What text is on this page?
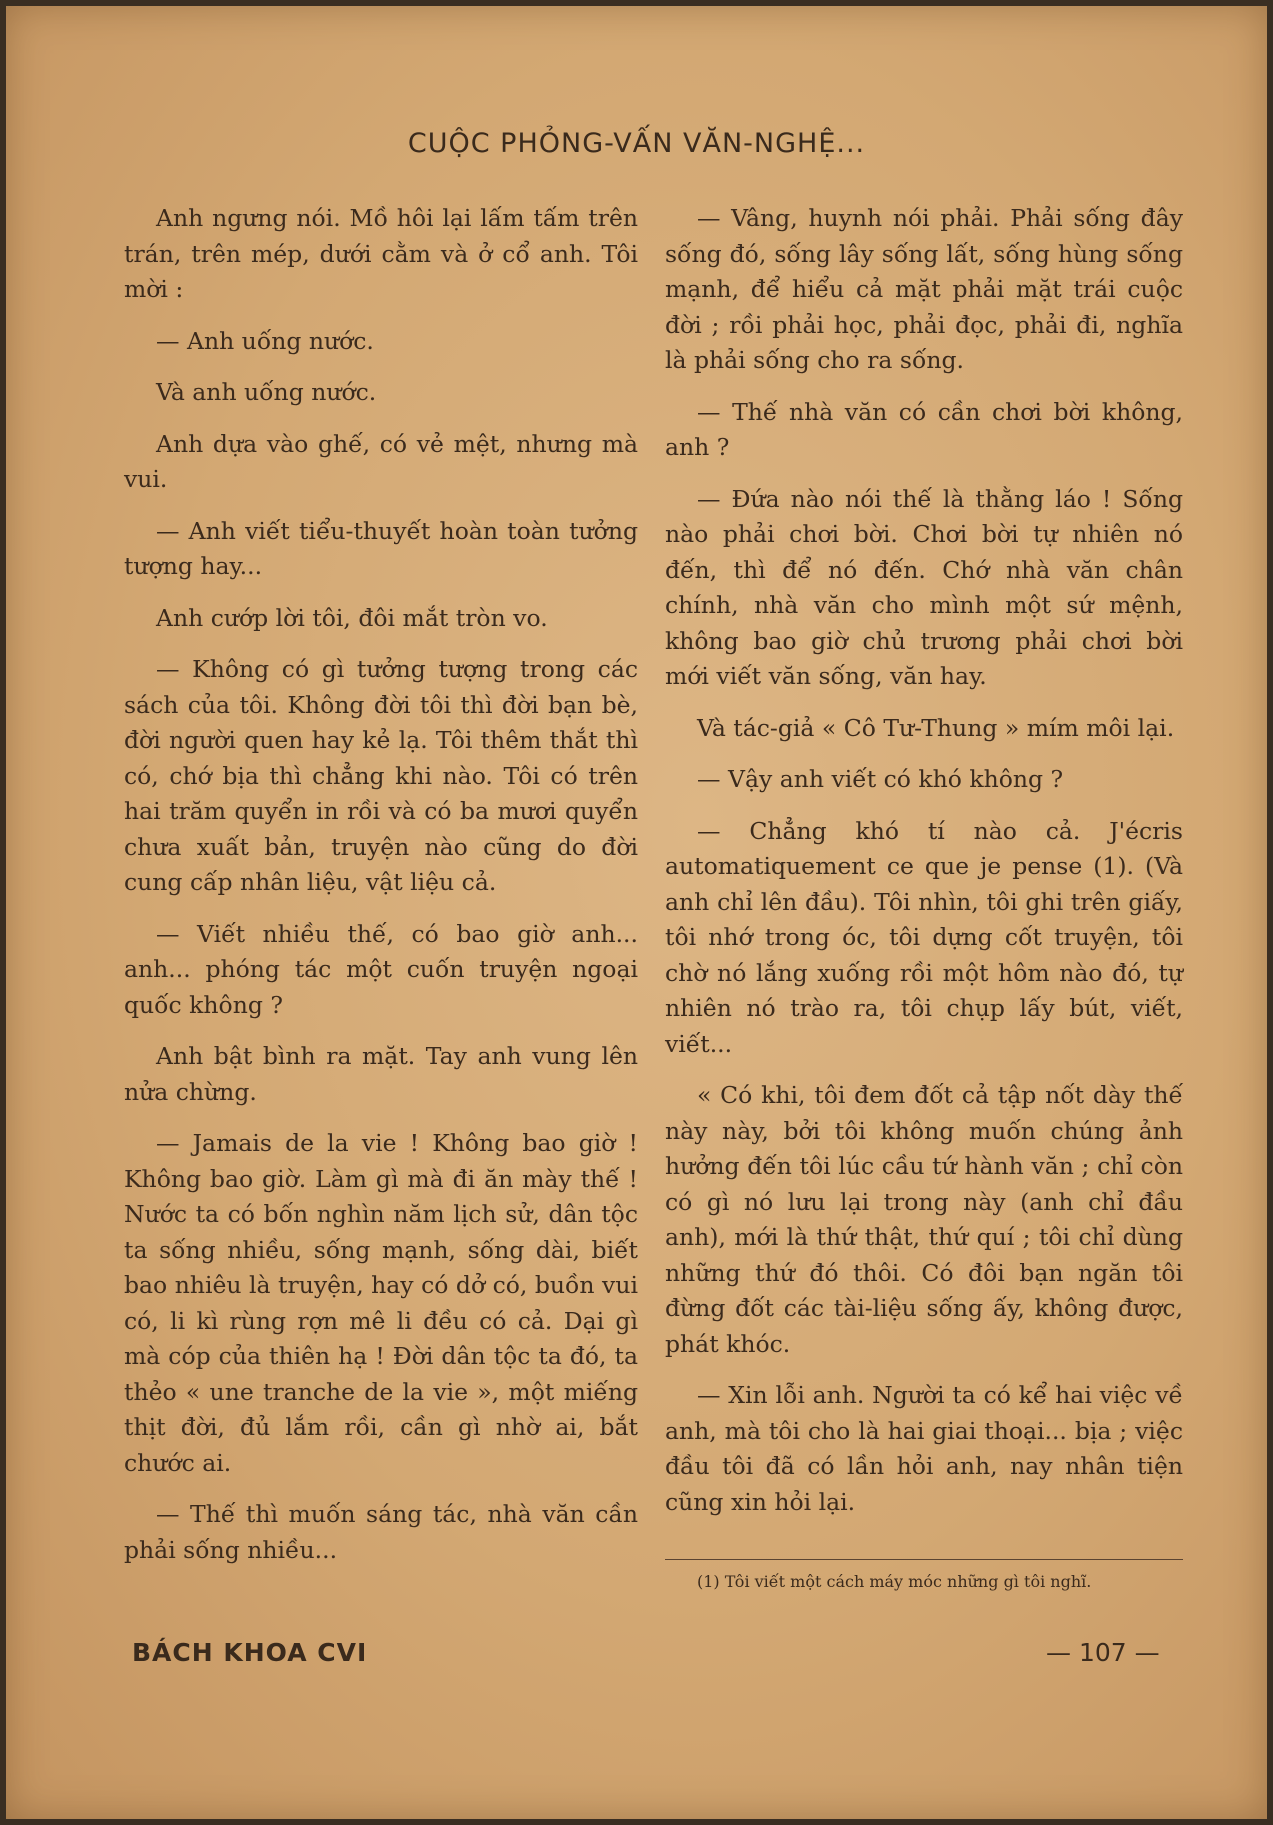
CUỘC PHỎNG-VẤN VĂN-NGHỆ...

Anh ngưng nói. Mồ hôi lại lấm tấm trên trán, trên mép, dưới cằm và ở cổ anh. Tôi mời :

— Anh uống nước.

Và anh uống nước.

Anh dựa vào ghế, có vẻ mệt, nhưng mà vui.

— Anh viết tiểu-thuyết hoàn toàn tưởng tượng hay...

Anh cướp lời tôi, đôi mắt tròn vo.

— Không có gì tưởng tượng trong các sách của tôi. Không đời tôi thì đời bạn bè, đời người quen hay kẻ lạ. Tôi thêm thắt thì có, chớ bịa thì chẳng khi nào. Tôi có trên hai trăm quyển in rồi và có ba mươi quyển chưa xuất bản, truyện nào cũng do đời cung cấp nhân liệu, vật liệu cả.

— Viết nhiều thế, có bao giờ anh... anh... phóng tác một cuốn truyện ngoại quốc không ?

Anh bật bình ra mặt. Tay anh vung lên nửa chừng.

— Jamais de la vie ! Không bao giờ ! Không bao giờ. Làm gì mà đi ăn mày thế ! Nước ta có bốn nghìn năm lịch sử, dân tộc ta sống nhiều, sống mạnh, sống dài, biết bao nhiêu là truyện, hay có dở có, buồn vui có, li kì rùng rợn mê li đều có cả. Dại gì mà cóp của thiên hạ ! Đời dân tộc ta đó, ta thẻo « une tranche de la vie », một miếng thịt đời, đủ lắm rồi, cần gì nhờ ai, bắt chước ai.

— Thế thì muốn sáng tác, nhà văn cần phải sống nhiều...

— Vâng, huynh nói phải. Phải sống đây sống đó, sống lây sống lất, sống hùng sống mạnh, để hiểu cả mặt phải mặt trái cuộc đời ; rồi phải học, phải đọc, phải đi, nghĩa là phải sống cho ra sống.

— Thế nhà văn có cần chơi bời không, anh ?

— Đứa nào nói thế là thằng láo ! Sống nào phải chơi bời. Chơi bời tự nhiên nó đến, thì để nó đến. Chớ nhà văn chân chính, nhà văn cho mình một sứ mệnh, không bao giờ chủ trương phải chơi bời mới viết văn sống, văn hay.

Và tác-giả « Cô Tư-Thung » mím môi lại.

— Vậy anh viết có khó không ?

— Chẳng khó tí nào cả. J'écris automatiquement ce que je pense (1). (Và anh chỉ lên đầu). Tôi nhìn, tôi ghi trên giấy, tôi nhớ trong óc, tôi dựng cốt truyện, tôi chờ nó lắng xuống rồi một hôm nào đó, tự nhiên nó trào ra, tôi chụp lấy bút, viết, viết...

« Có khi, tôi đem đốt cả tập nốt dày thế này này, bởi tôi không muốn chúng ảnh hưởng đến tôi lúc cầu tứ hành văn ; chỉ còn có gì nó lưu lại trong này (anh chỉ đầu anh), mới là thứ thật, thứ quí ; tôi chỉ dùng những thứ đó thôi. Có đôi bạn ngăn tôi đừng đốt các tài-liệu sống ấy, không được, phát khóc.

— Xin lỗi anh. Người ta có kể hai việc về anh, mà tôi cho là hai giai thoại... bịa ; việc đầu tôi đã có lần hỏi anh, nay nhân tiện cũng xin hỏi lại.

(1) Tôi viết một cách máy móc những gì tôi nghĩ.
BÁCH KHOA CVI	— 107 —
